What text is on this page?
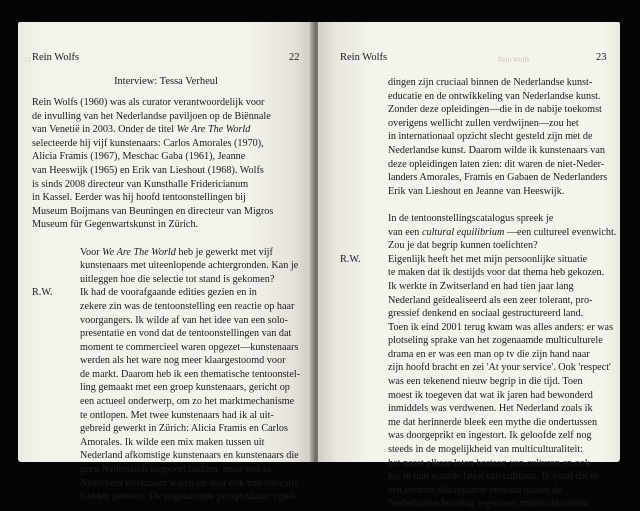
21 Rein Wolfs	22
Interview: Tessa Verheul
Rein Wolfs (1960) was als curator verantwoordelijk voor
de invulling van het Nederlandse paviljoen op de Biënnale
van Venetië in 2003. Onder de titel We Are The World
selecteerde hij vijf kunstenaars: Carlos Amorales (1970),
Alicia Framis (1967), Meschac Gaba (1961), Jeanne
van Heeswijk (1965) en Erik van Lieshout (1968). Wolfs
is sinds 2008 directeur van Kunsthalle Fridericianum
in Kassel. Eerder was hij hoofd tentoonstellingen bij
Museum Boijmans van Beuningen en directeur van Migros
Museum für Gegenwartskunst in Zürich.
Voor We Are The World heb je gewerkt met vijf
kunstenaars met uiteenlopende achtergronden. Kan je
uitleggen hoe die selectie tot stand is gekomen?
R.W.	Ik had de voorafgaande edities gezien en in
zekere zin was de tentoonstelling een reactie op haar
voorgangers. Ik wilde af van het idee van een solo-
presentatie en vond dat de tentoonstellingen van dat
moment te commercieel waren opgezet—kunstenaars
werden als het ware nog meer klaargestoomd voor
de markt. Daarom heb ik een thematische tentoonstel-
ling gemaakt met een groep kunstenaars, gericht op
een actueel onderwerp, om zo het marktmechanisme
te ontlopen. Met twee kunstenaars had ik al uit-
gebreid gewerkt in Zürich: Alicia Framis en Carlos
Amorales. Ik wilde een mix maken tussen uit
Nederland afkomstige kunstenaars en kunstenaars die
geen Nederlands paspoort hadden, maar wel in
Nederland werkzaam waren en daar ook hun educatie
hadden genoten. De zogenaamde postgraduate oplei-
Rein Wolfs
Rein Wolfs	23
dingen zijn cruciaal binnen de Nederlandse kunst-
educatie en de ontwikkeling van Nederlandse kunst.
Zonder deze opleidingen—die in de nabije toekomst
overigens wellicht zullen verdwijnen—zou het
in internationaal opzicht slecht gesteld zijn met de
Nederlandse kunst. Daarom wilde ik kunstenaars van
deze opleidingen laten zien: dit waren de niet-Neder-
landers Amorales, Framis en Gabaen de Nederlanders
Erik van Lieshout en Jeanne van Heeswijk.
In de tentoonstellingscatalogus spreek je
van een cultural equilibrium —een cultureel evenwicht.
Zou je dat begrip kunnen toelichten?
R.W.	Eigenlijk heeft het met mijn persoonlijke situatie
te maken dat ik destijds voor dat thema heb gekozen.
Ik werkte in Zwitserland en had tien jaar lang
Nederland geïdealiseerd als een zeer tolerant, pro-
gressief denkend en sociaal gestructureerd land.
Toen ik eind 2001 terug kwam was alles anders: er was
plotseling sprake van het zogenaamde multiculturele
drama en er was een man op tv die zijn hand naar
zijn hoofd bracht en zei 'At your service'. Ook 'respect'
was een tekenend nieuw begrip in die tijd. Toen
moest ik toegeven dat wat ik jaren had bewonderd
inmiddels was verdwenen. Het Nederland zoals ik
me dat herinnerde bleek een mythe die ondertussen
was doorgeprikt en ingestort. Ik geloofde zelf nog
steeds in de mogelijkheid van multiculturaliteit:
het naast elkaar laten bestaan van culturen en ook
het in hun waarde laten van culturen. Ik vond dat er
een enorme discrepantie bestond tussen de
Nederlandse houding tegenover multiculturaliteit
